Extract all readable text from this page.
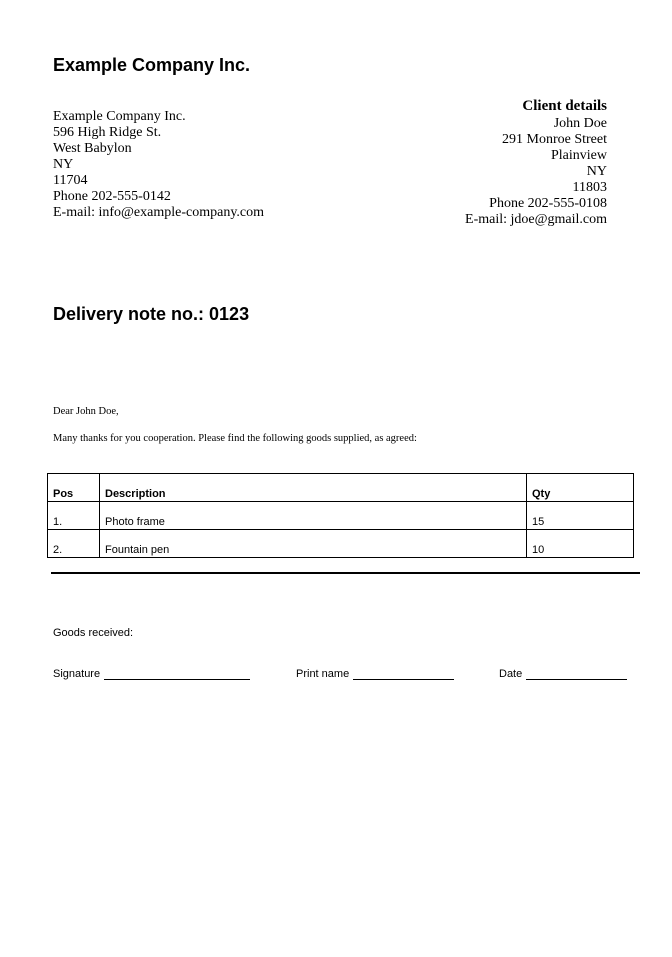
Example Company Inc.
Example Company Inc.
596 High Ridge St.
West Babylon
NY
11704
Phone 202-555-0142
E-mail: info@example-company.com
Client details
John Doe
291 Monroe Street
Plainview
NY
11803
Phone 202-555-0108
E-mail: jdoe@gmail.com
Delivery note no.: 0123
Dear John Doe,
Many thanks for you cooperation. Please find the following goods supplied, as agreed:
Pos	Description	Qty
1.	Photo frame	15
2.	Fountain pen	10
Goods received:
Signature	Print name	Date
